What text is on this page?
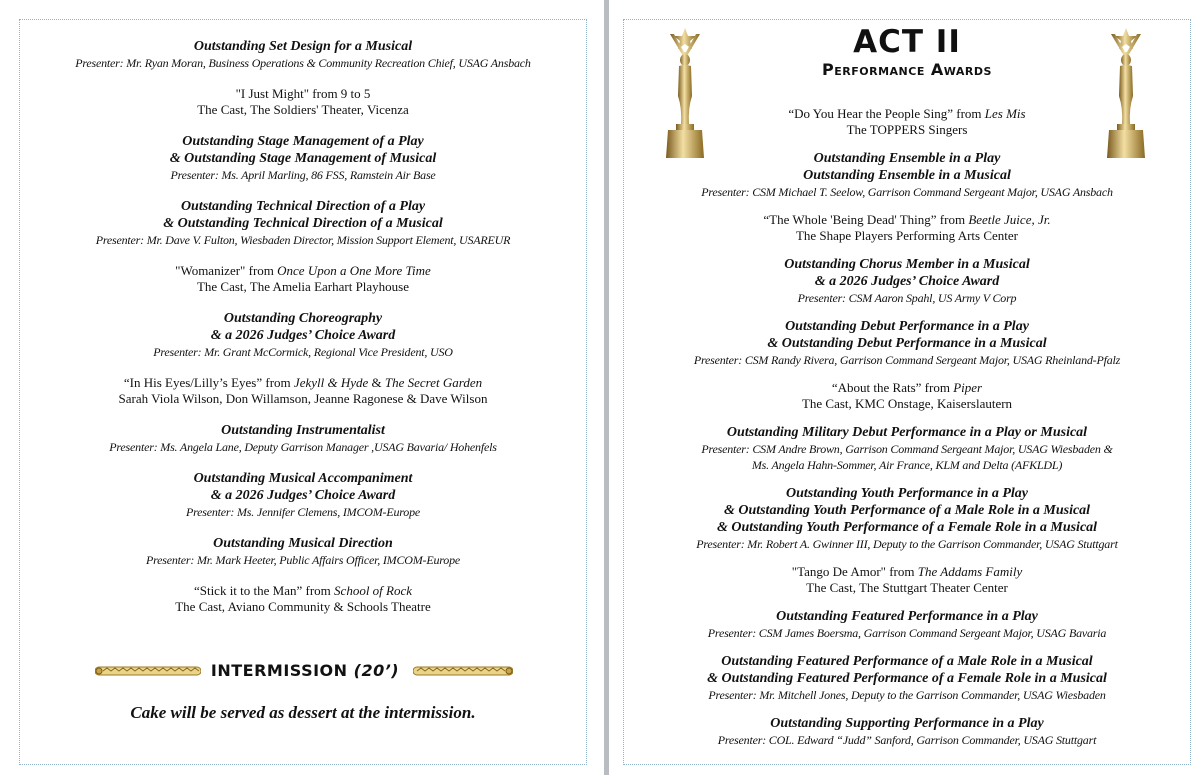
Outstanding Set Design for a Musical
Presenter: Mr. Ryan Moran, Business Operations & Community Recreation Chief, USAG Ansbach
"I Just Might" from 9 to 5
The Cast, The Soldiers' Theater, Vicenza
Outstanding Stage Management of a Play
& Outstanding Stage Management of Musical
Presenter: Ms. April Marling, 86 FSS, Ramstein Air Base
Outstanding Technical Direction of a Play
& Outstanding Technical Direction of a Musical
Presenter: Mr. Dave V. Fulton, Wiesbaden Director, Mission Support Element, USAREUR
"Womanizer" from Once Upon a One More Time
The Cast, The Amelia Earhart Playhouse
Outstanding Choreography
& a 2026 Judges’ Choice Award
Presenter: Mr. Grant McCormick, Regional Vice President, USO
“In His Eyes/Lilly’s Eyes” from Jekyll & Hyde & The Secret Garden
Sarah Viola Wilson, Don Willamson, Jeanne Ragonese & Dave Wilson
Outstanding Instrumentalist
Presenter: Ms. Angela Lane, Deputy Garrison Manager ,USAG Bavaria/ Hohenfels
Outstanding Musical Accompaniment
& a 2026 Judges’ Choice Award
Presenter: Ms. Jennifer Clemens, IMCOM-Europe
Outstanding Musical Direction
Presenter: Mr. Mark Heeter, Public Affairs Officer, IMCOM-Europe
“Stick it to the Man” from School of Rock
The Cast, Aviano Community & Schools Theatre
INTERMISSION (20’)
Cake will be served as dessert at the intermission.
ACT II
Performance Awards
“Do You Hear the People Sing” from Les Mis
The TOPPERS Singers
Outstanding Ensemble in a Play
Outstanding Ensemble in a Musical
Presenter: CSM Michael T. Seelow, Garrison Command Sergeant Major, USAG Ansbach
“The Whole 'Being Dead' Thing” from Beetle Juice, Jr.
The Shape Players Performing Arts Center
Outstanding Chorus Member in a Musical
& a 2026 Judges’ Choice Award
Presenter: CSM Aaron Spahl, US Army V Corp
Outstanding Debut Performance in a Play
& Outstanding Debut Performance in a Musical
Presenter: CSM Randy Rivera, Garrison Command Sergeant Major, USAG Rheinland-Pfalz
“About the Rats” from Piper
The Cast, KMC Onstage, Kaiserslautern
Outstanding Military Debut Performance in a Play or Musical
Presenter: CSM Andre Brown, Garrison Command Sergeant Major, USAG Wiesbaden &
Ms. Angela Hahn-Sommer, Air France, KLM and Delta (AFKLDL)
Outstanding Youth Performance in a Play
& Outstanding Youth Performance of a Male Role in a Musical
& Outstanding Youth Performance of a Female Role in a Musical
Presenter: Mr. Robert A. Gwinner III, Deputy to the Garrison Commander, USAG Stuttgart
"Tango De Amor" from The Addams Family
The Cast, The Stuttgart Theater Center
Outstanding Featured Performance in a Play
Presenter: CSM James Boersma, Garrison Command Sergeant Major, USAG Bavaria
Outstanding Featured Performance of a Male Role in a Musical
& Outstanding Featured Performance of a Female Role in a Musical
Presenter: Mr. Mitchell Jones, Deputy to the Garrison Commander, USAG Wiesbaden
Outstanding Supporting Performance in a Play
Presenter: COL. Edward “Judd” Sanford, Garrison Commander, USAG Stuttgart
